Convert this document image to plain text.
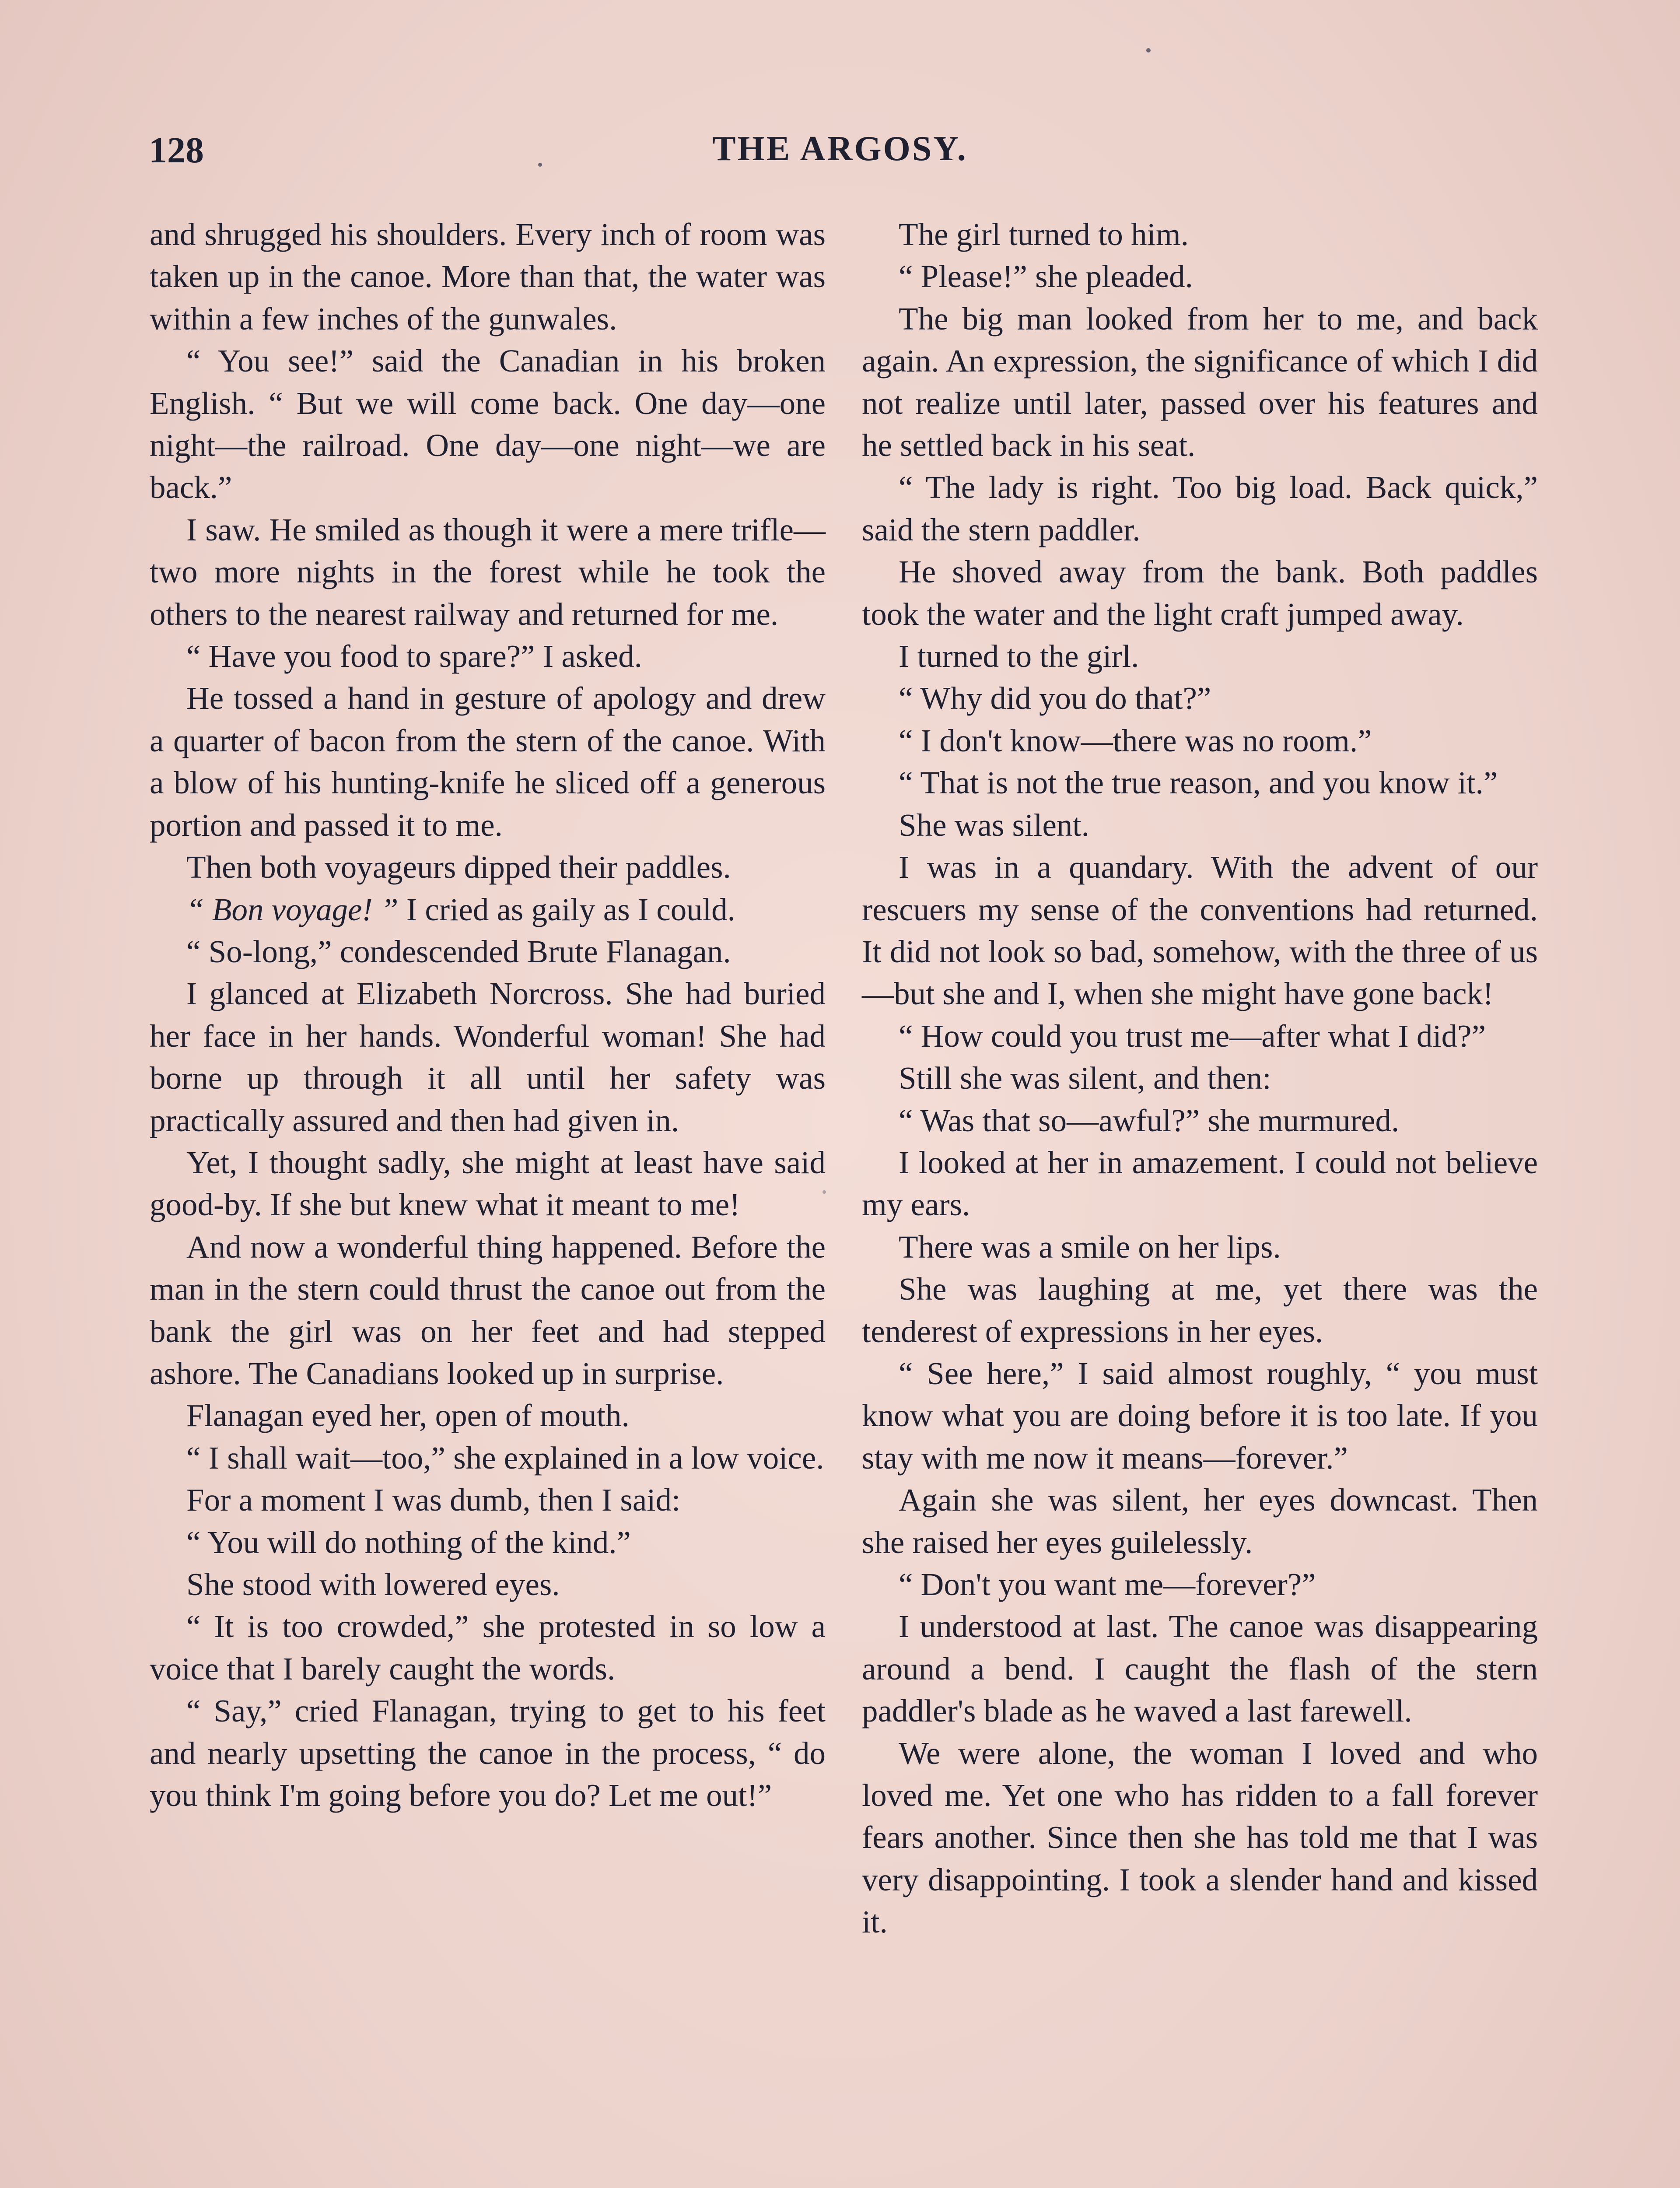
128	THE ARGOSY.

and shrugged his shoulders. Every inch of room was taken up in the canoe. More than that, the water was within a few inches of the gunwales.

“ You see!” said the Canadian in his broken English. “ But we will come back. One day—one night—the railroad. One day—one night—we are back.”

I saw. He smiled as though it were a mere trifle—two more nights in the forest while he took the others to the nearest railway and returned for me.

“ Have you food to spare?” I asked.

He tossed a hand in gesture of apology and drew a quarter of bacon from the stern of the canoe. With a blow of his hunting-knife he sliced off a generous portion and passed it to me.

Then both voyageurs dipped their paddles.

“ Bon voyage! ” I cried as gaily as I could.

“ So-long,” condescended Brute Flanagan.

I glanced at Elizabeth Norcross. She had buried her face in her hands. Wonderful woman! She had borne up through it all until her safety was practically assured and then had given in.

Yet, I thought sadly, she might at least have said good-by. If she but knew what it meant to me!

And now a wonderful thing happened. Before the man in the stern could thrust the canoe out from the bank the girl was on her feet and had stepped ashore. The Canadians looked up in surprise.

Flanagan eyed her, open of mouth.

“ I shall wait—too,” she explained in a low voice.

For a moment I was dumb, then I said:

“ You will do nothing of the kind.”

She stood with lowered eyes.

“ It is too crowded,” she protested in so low a voice that I barely caught the words.

“ Say,” cried Flanagan, trying to get to his feet and nearly upsetting the canoe in the process, “ do you think I'm going before you do? Let me out!”

The girl turned to him.

“ Please!” she pleaded.

The big man looked from her to me, and back again. An expression, the significance of which I did not realize until later, passed over his features and he settled back in his seat.

“ The lady is right. Too big load. Back quick,” said the stern paddler.

He shoved away from the bank. Both paddles took the water and the light craft jumped away.

I turned to the girl.

“ Why did you do that?”

“ I don't know—there was no room.”

“ That is not the true reason, and you know it.”

She was silent.

I was in a quandary. With the advent of our rescuers my sense of the conventions had returned. It did not look so bad, somehow, with the three of us—but she and I, when she might have gone back!

“ How could you trust me—after what I did?”

Still she was silent, and then:

“ Was that so—awful?” she murmured.

I looked at her in amazement. I could not believe my ears.

There was a smile on her lips.

She was laughing at me, yet there was the tenderest of expressions in her eyes.

“ See here,” I said almost roughly, “ you must know what you are doing before it is too late. If you stay with me now it means—forever.”

Again she was silent, her eyes downcast. Then she raised her eyes guilelessly.

“ Don't you want me—forever?”

I understood at last. The canoe was disappearing around a bend. I caught the flash of the stern paddler's blade as he waved a last farewell.

We were alone, the woman I loved and who loved me. Yet one who has ridden to a fall forever fears another. Since then she has told me that I was very disappointing. I took a slender hand and kissed it.
